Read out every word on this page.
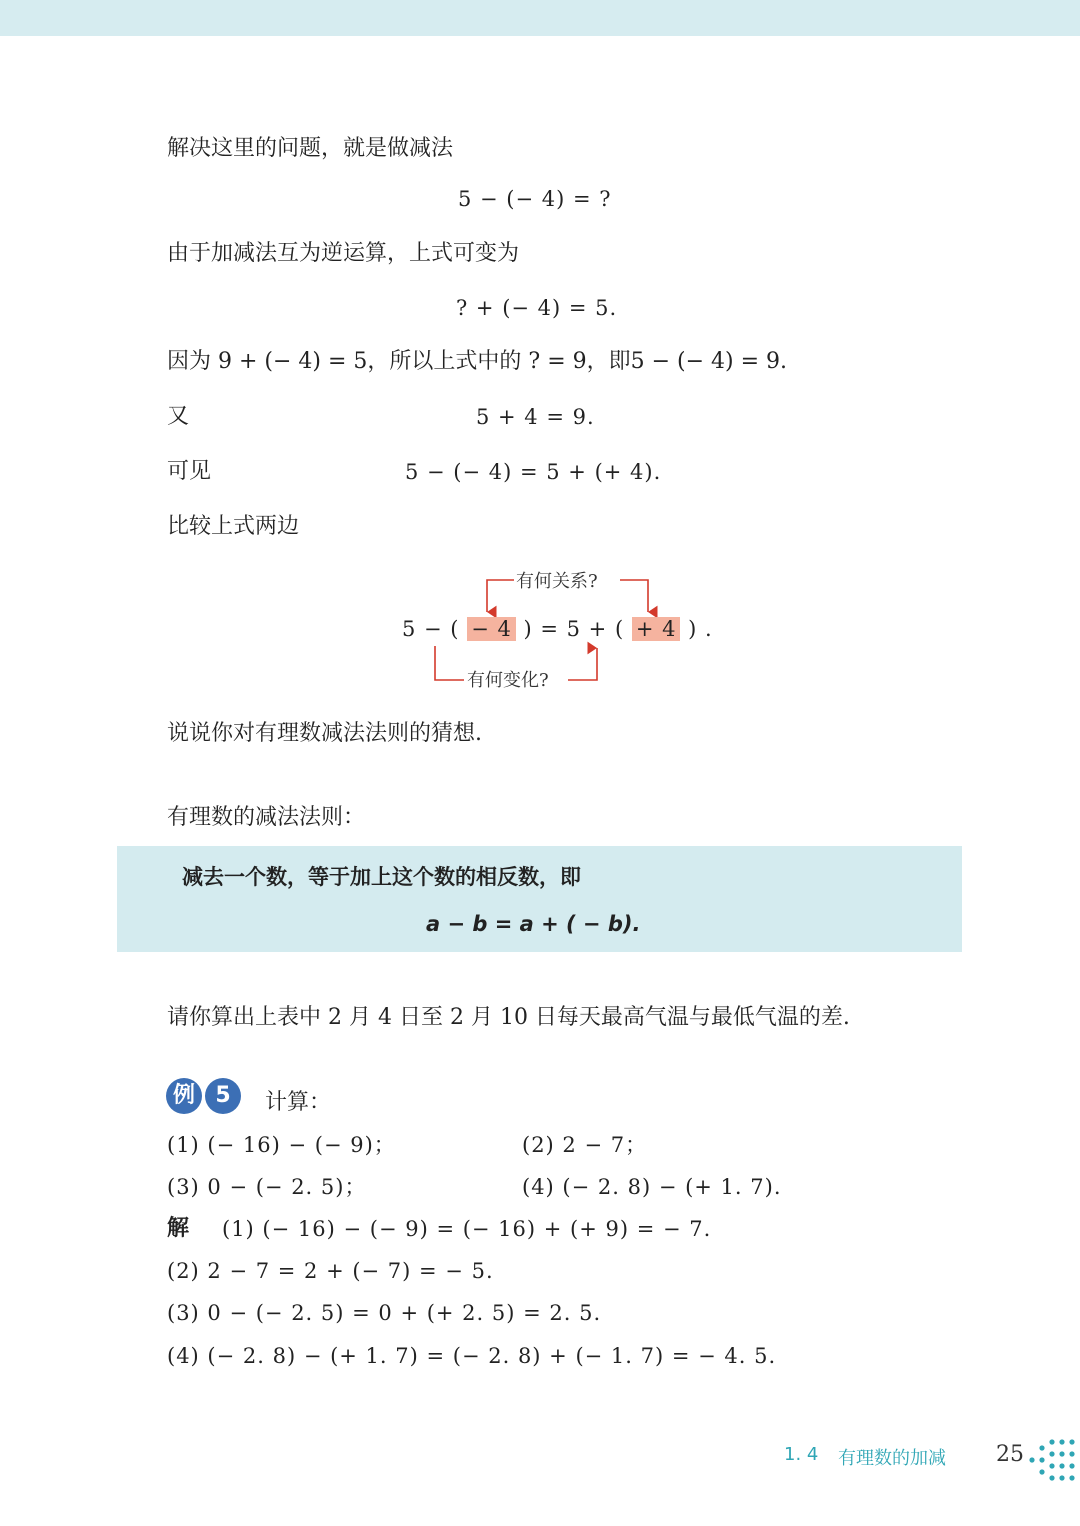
解决这里的问题，就是做减法
5 − (− 4) = ?
由于加减法互为逆运算，上式可变为
? + (− 4) = 5.
因为 9 + (− 4) = 5，所以上式中的 ? = 9，即5 − (− 4) = 9.
又	5 + 4 = 9.
可见	5 − (− 4) = 5 + (+ 4).
比较上式两边
有何关系?
5 − ( − 4 ) = 5 + ( + 4 ) .
有何变化?
说说你对有理数减法法则的猜想.
有理数的减法法则：
减去一个数，等于加上这个数的相反数，即
a − b = a + ( − b).
请你算出上表中 2 月 4 日至 2 月 10 日每天最高气温与最低气温的差.
例 5	计算：
(1) (− 16) − (− 9)；	(2) 2 − 7；
(3) 0 − (− 2. 5)；	(4) (− 2. 8) − (+ 1. 7).
解 (1) (− 16) − (− 9) = (− 16) + (+ 9) = − 7.
(2) 2 − 7 = 2 + (− 7) = − 5.
(3) 0 − (− 2. 5) = 0 + (+ 2. 5) = 2. 5.
(4) (− 2. 8) − (+ 1. 7) = (− 2. 8) + (− 1. 7) = − 4. 5.
1. 4 有理数的加减 25
